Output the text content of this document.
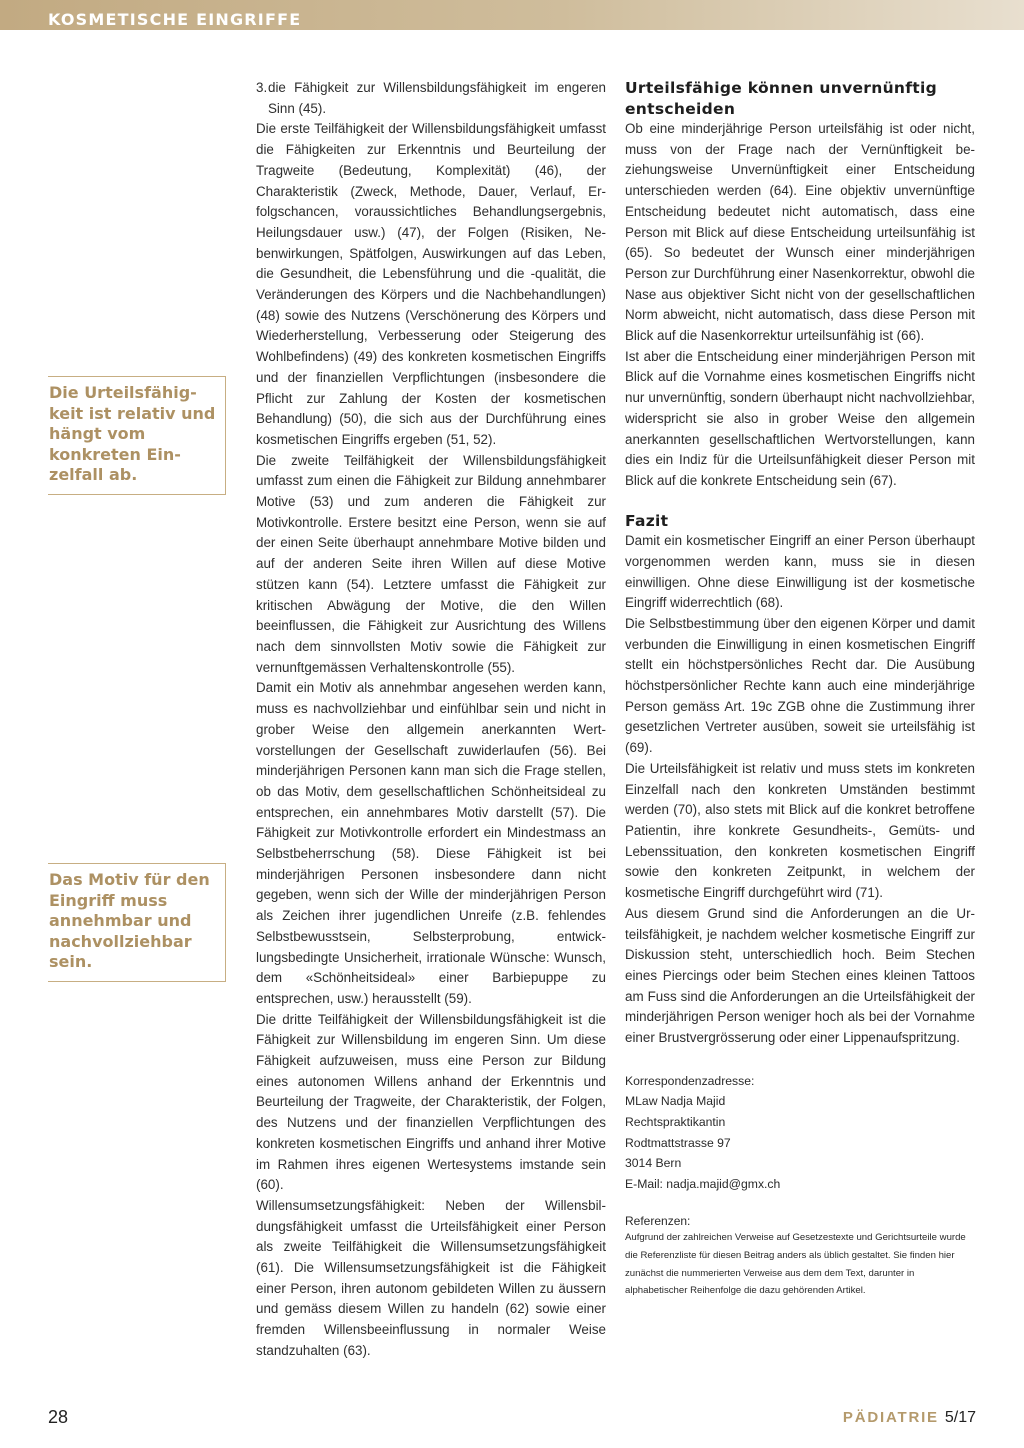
KOSMETISCHE EINGRIFFE

Die Urteilsfähigkeit ist relativ und hängt vom konkreten Einzelfall ab.

Das Motiv für den Eingriff muss annehmbar und nachvollziehbar sein.

3. die Fähigkeit zur Willensbildungsfähigkeit im engeren Sinn (45).

Die erste Teilfähigkeit der Willensbildungsfähigkeit umfasst die Fähigkeiten zur Erkenntnis und Beurteilung der Tragweite (Bedeutung, Komplexität) (46), der Charakteristik (Zweck, Methode, Dauer, Verlauf, Erfolgschancen, voraussichtliches Behandlungsergebnis, Heilungsdauer usw.) (47), der Folgen (Risiken, Nebenwirkungen, Spätfolgen, Auswirkungen auf das Leben, die Gesundheit, die Lebensführung und die -qualität, die Veränderungen des Körpers und die Nachbehandlungen) (48) sowie des Nutzens (Verschönerung des Körpers und Wiederherstellung, Verbesserung oder Steigerung des Wohlbefindens) (49) des konkreten kosmetischen Eingriffs und der finanziellen Verpflichtungen (insbesondere die Pflicht zur Zahlung der Kosten der kosmetischen Behandlung) (50), die sich aus der Durchführung eines kosmetischen Eingriffs ergeben (51, 52).

Die zweite Teilfähigkeit der Willensbildungsfähigkeit umfasst zum einen die Fähigkeit zur Bildung annehmbarer Motive (53) und zum anderen die Fähigkeit zur Motivkontrolle. Erstere besitzt eine Person, wenn sie auf der einen Seite überhaupt annehmbare Motive bilden und auf der anderen Seite ihren Willen auf diese Motive stützen kann (54). Letztere umfasst die Fähigkeit zur kritischen Abwägung der Motive, die den Willen beeinflussen, die Fähigkeit zur Ausrichtung des Willens nach dem sinnvollsten Motiv sowie die Fähigkeit zur vernunftgemässen Verhaltenskontrolle (55).

Damit ein Motiv als annehmbar angesehen werden kann, muss es nachvollziehbar und einfühlbar sein und nicht in grober Weise den allgemein anerkannten Wertvorstellungen der Gesellschaft zuwiderlaufen (56). Bei minderjährigen Personen kann man sich die Frage stellen, ob das Motiv, dem gesellschaftlichen Schönheitsideal zu entsprechen, ein annehmbares Motiv darstellt (57). Die Fähigkeit zur Motivkontrolle erfordert ein Mindestmass an Selbstbeherrschung (58). Diese Fähigkeit ist bei minderjährigen Personen insbesondere dann nicht gegeben, wenn sich der Wille der minderjährigen Person als Zeichen ihrer jugendlichen Unreife (z.B. fehlendes Selbstbewusstsein, Selbsterprobung, entwicklungsbedingte Unsicherheit, irrationale Wünsche: Wunsch, dem «Schönheitsideal» einer Barbiepuppe zu entsprechen, usw.) herausstellt (59).

Die dritte Teilfähigkeit der Willensbildungsfähigkeit ist die Fähigkeit zur Willensbildung im engeren Sinn. Um diese Fähigkeit aufzuweisen, muss eine Person zur Bildung eines autonomen Willens anhand der Erkenntnis und Beurteilung der Tragweite, der Charakteristik, der Folgen, des Nutzens und der finanziellen Verpflichtungen des konkreten kosmetischen Eingriffs und anhand ihrer Motive im Rahmen ihres eigenen Wertesystems imstande sein (60).

Willensumsetzungsfähigkeit: Neben der Willensbildungsfähigkeit umfasst die Urteilsfähigkeit einer Person als zweite Teilfähigkeit die Willensumsetzungsfähigkeit (61). Die Willensumsetzungsfähigkeit ist die Fähigkeit einer Person, ihren autonom gebildeten Willen zu äussern und gemäss diesem Willen zu handeln (62) sowie einer fremden Willensbeeinflussung in normaler Weise standzuhalten (63).

Urteilsfähige können unvernünftig entscheiden

Ob eine minderjährige Person urteilsfähig ist oder nicht, muss von der Frage nach der Vernünftigkeit beziehungsweise Unvernünftigkeit einer Entscheidung unterschieden werden (64). Eine objektiv unvernünftige Entscheidung bedeutet nicht automatisch, dass eine Person mit Blick auf diese Entscheidung urteilsunfähig ist (65). So bedeutet der Wunsch einer minderjährigen Person zur Durchführung einer Nasenkorrektur, obwohl die Nase aus objektiver Sicht nicht von der gesellschaftlichen Norm abweicht, nicht automatisch, dass diese Person mit Blick auf die Nasenkorrektur urteilsunfähig ist (66).

Ist aber die Entscheidung einer minderjährigen Person mit Blick auf die Vornahme eines kosmetischen Eingriffs nicht nur unvernünftig, sondern überhaupt nicht nachvollziehbar, widerspricht sie also in grober Weise den allgemein anerkannten gesellschaftlichen Wertvorstellungen, kann dies ein Indiz für die Urteilsunfähigkeit dieser Person mit Blick auf die konkrete Entscheidung sein (67).

Fazit

Damit ein kosmetischer Eingriff an einer Person überhaupt vorgenommen werden kann, muss sie in diesen einwilligen. Ohne diese Einwilligung ist der kosmetische Eingriff widerrechtlich (68).

Die Selbstbestimmung über den eigenen Körper und damit verbunden die Einwilligung in einen kosmetischen Eingriff stellt ein höchstpersönliches Recht dar. Die Ausübung höchstpersönlicher Rechte kann auch eine minderjährige Person gemäss Art. 19c ZGB ohne die Zustimmung ihrer gesetzlichen Vertreter ausüben, soweit sie urteilsfähig ist (69).

Die Urteilsfähigkeit ist relativ und muss stets im konkreten Einzelfall nach den konkreten Umständen bestimmt werden (70), also stets mit Blick auf die konkret betroffene Patientin, ihre konkrete Gesundheits-, Gemüts- und Lebenssituation, den konkreten kosmetischen Eingriff sowie den konkreten Zeitpunkt, in welchem der kosmetische Eingriff durchgeführt wird (71).

Aus diesem Grund sind die Anforderungen an die Urteilsfähigkeit, je nachdem welcher kosmetische Eingriff zur Diskussion steht, unterschiedlich hoch. Beim Stechen eines Piercings oder beim Stechen eines kleinen Tattoos am Fuss sind die Anforderungen an die Urteilsfähigkeit der minderjährigen Person weniger hoch als bei der Vornahme einer Brustvergrösserung oder einer Lippenaufspritzung.

Korrespondenzadresse:
MLaw Nadja Majid
Rechtspraktikantin
Rodtmattstrasse 97
3014 Bern
E-Mail: nadja.majid@gmx.ch
Referenzen:
Aufgrund der zahlreichen Verweise auf Gesetzestexte und Gerichtsurteile wurde die Referenzliste für diesen Beitrag anders als üblich gestaltet. Sie finden hier zunächst die nummerierten Verweise aus dem dem Text, darunter in alphabetischer Reihenfolge die dazu gehörenden Artikel.
28	PÄDIATRIE 5/17
